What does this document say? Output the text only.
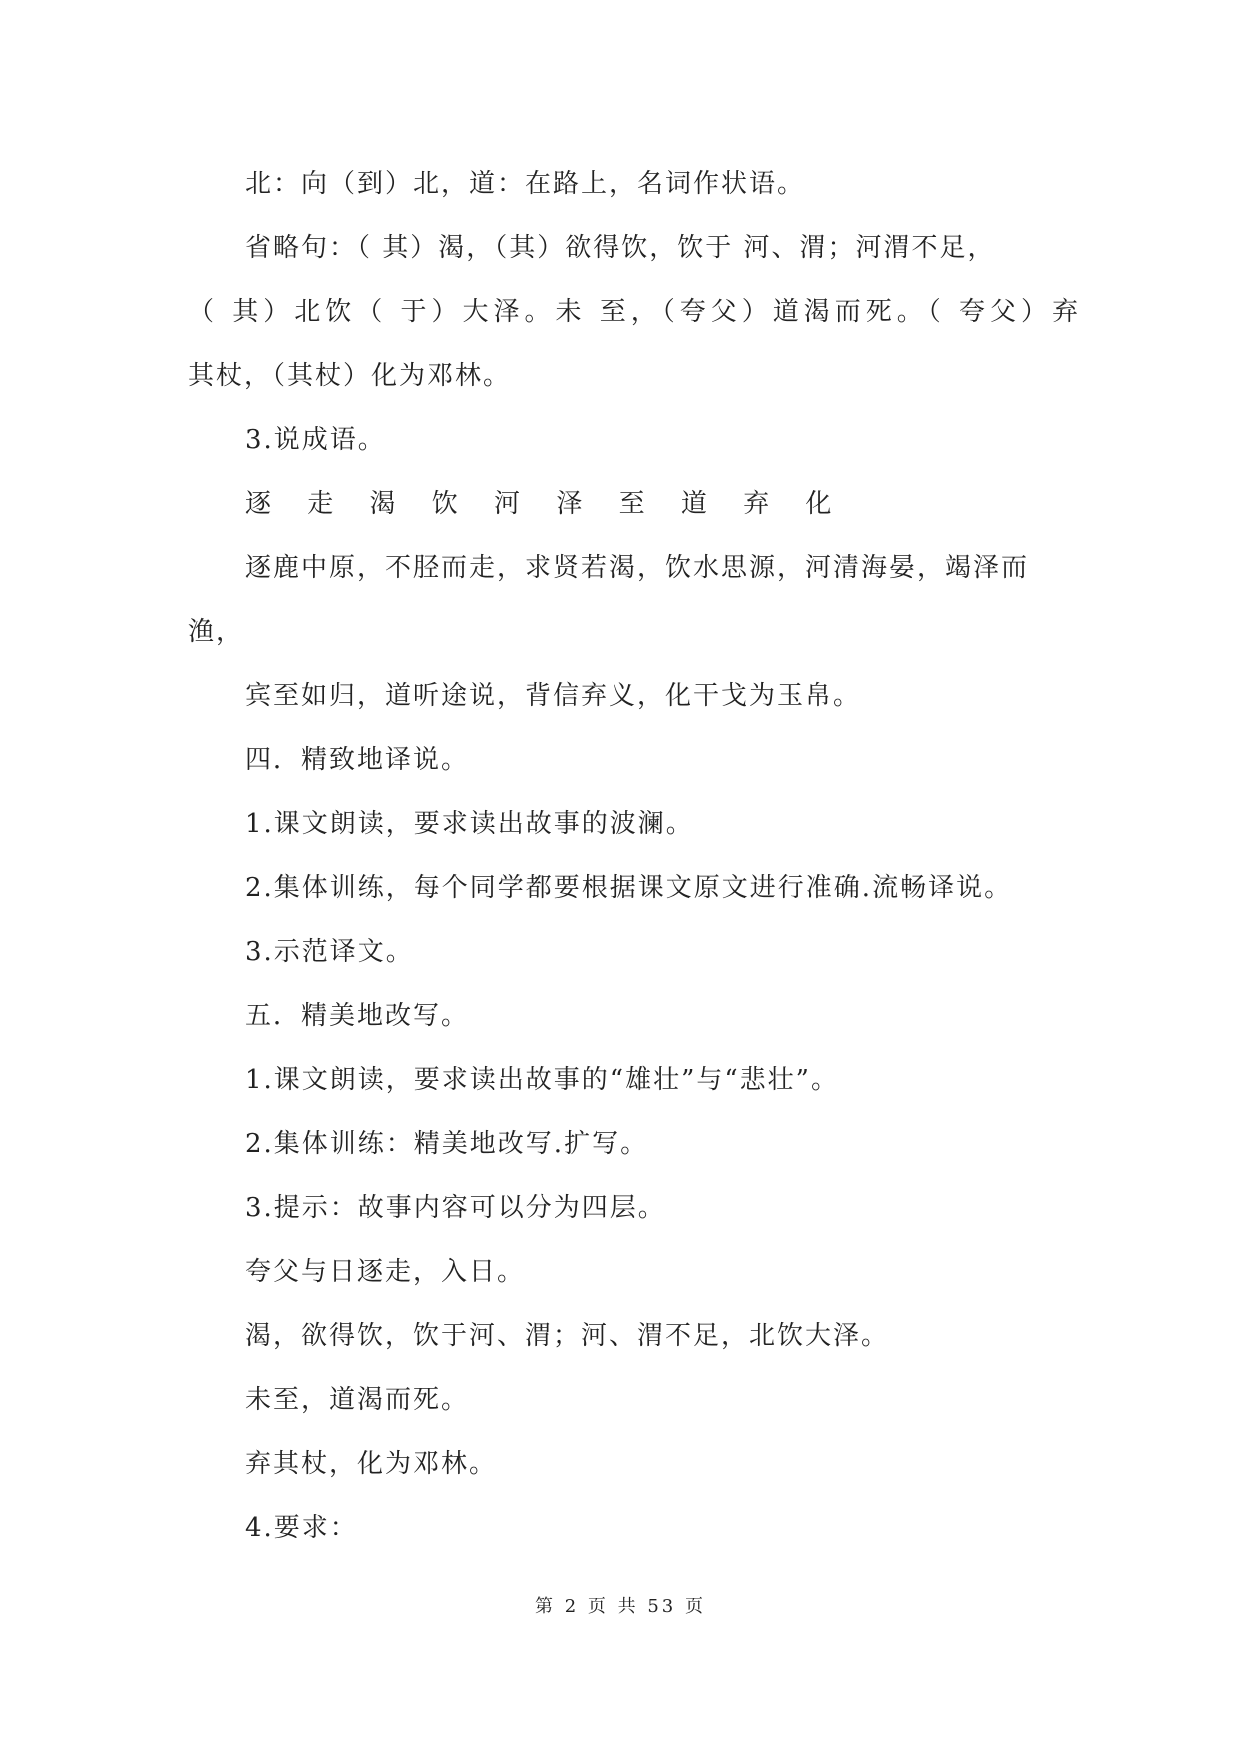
北：向（到）北，道：在路上，名词作状语。
省略句：（ 其）渴，（其）欲得饮，饮于 河、渭；河渭不足，
（ 其）北饮（ 于）大泽。未 至，（夸父）道渴而死。（ 夸父）弃
其杖，（其杖）化为邓林。
3.说成语。
逐 走 渴 饮 河 泽 至 道 弃 化
逐鹿中原，不胫而走，求贤若渴，饮水思源，河清海晏，竭泽而
渔，
宾至如归，道听途说，背信弃义，化干戈为玉帛。
四．精致地译说。
1.课文朗读，要求读出故事的波澜。
2.集体训练，每个同学都要根据课文原文进行准确.流畅译说。
3.示范译文。
五．精美地改写。
1.课文朗读，要求读出故事的“雄壮”与“悲壮”。
2.集体训练：精美地改写.扩写。
3.提示：故事内容可以分为四层。
夸父与日逐走，入日。
渴，欲得饮，饮于河、渭；河、渭不足，北饮大泽。
未至，道渴而死。
弃其杖，化为邓林。
4.要求：
第 2 页 共 53 页
